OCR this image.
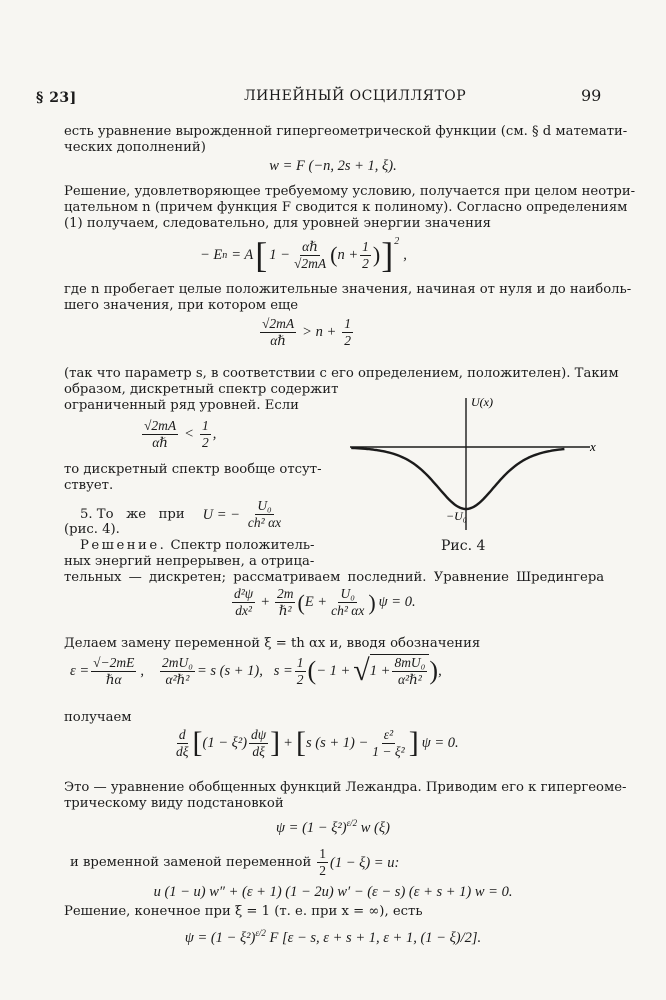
§ 23]	ЛИНЕЙНЫЙ ОСЦИЛЛЯТОР	99
есть уравнение вырожденной гипергеометрической функции (см. § d математи-
ческих дополнений)
w = F (−n, 2s + 1, ξ).
Решение, удовлетворяющее требуемому условию, получается при целом неотри-
цательном n (причем функция F сводится к полиному). Согласно определениям
(1) получаем, следовательно, для уровней энергии значения
− E n = A [ $1 - \frac{\text{αℏ}}{√2mA}$ ( $n + \frac{1}{2}$ ) ]$^2$
,
где n пробегает целые положительные значения, начиная от нуля и до наиболь-
шего значения, при котором еще
$\frac{√2mA}{\text{αℏ}} > n + \frac{1}{2}$
(так что параметр s, в соответствии с его определением, положителен). Таким
образом, дискретный спектр содержит
ограниченный ряд уровней. Если
$\frac{√2mA}{\text{αℏ}} < \frac{1}{2}$ ,
то дискретный спектр вообще отсут-
ствует.
5. То   же   при U = − $\frac{\text{U₀}}{\text{ch² αx}}$
(рис. 4).
Решение. Спектр положитель-
ных энергий непрерывен, а отрица-
тельных — дискретен; рассматриваем последний. Уравнение Шредингера
U(x)
x
−U₀
Рис. 4
$\frac{\text{d²ψ}}{\text{dx²}} + \frac{2m}{\text{ℏ²}}$ ( $E + \frac{\text{U₀}}{\text{ch² αx}}$ ) ψ = 0.
Делаем замену переменной ξ = th αx и, вводя обозначения
$\varepsilon = \frac{√-2mE}{\text{ℏα}}$ , $\frac{\text{2mU₀}}{\text{α²ℏ²}} = s$ (s + 1),   $s = \frac{1}{2}$ ( − 1 + √ $1 + \frac{\text{8mU₀}}{\text{α²ℏ²}}$ ) ,
получаем
$\frac{d}{d\xi}$ [ $(1 - \xi^2) \frac{d\psi}{d\xi}$ ] + [ s $(s + 1) - \frac{\text{ε²}}{\text{1 − ξ²}}$ ] ψ = 0.
Это — уравнение обобщенных функций Лежандра. Приводим его к гипергеоме-
трическому виду подстановкой
$\psi = (1 - \xi^2)^{\varepsilon/2}$ w (ξ)
и временной заменой переменной $\frac{1}{2} (1 - \xi) = u$:
u (1 − u) w″ + (ε + 1) (1 − 2u) w′ − (ε − s) (ε + s + 1) w = 0.
Решение, конечное при ξ = 1 (т. е. при x = ∞), есть
$\psi = (1 - \xi^2)^{\varepsilon/2}$ F [ε − s, ε + s + 1, ε + 1, (1 − ξ)/2].
